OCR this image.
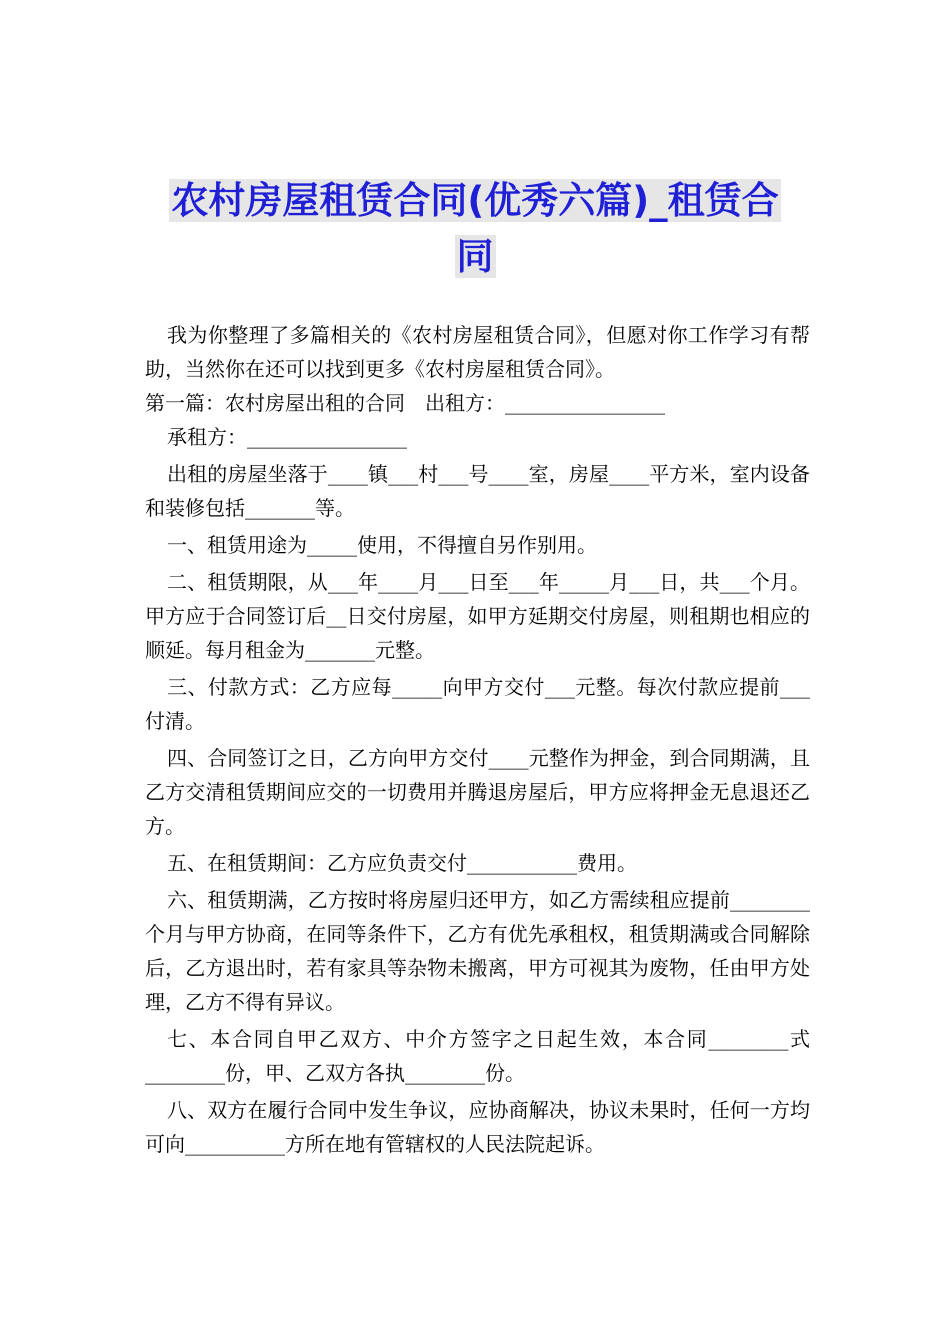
农村房屋租赁合同(优秀六篇)_租赁合
同

我为你整理了多篇相关的《农村房屋租赁合同》，但愿对你工作学习有帮助，当然你在还可以找到更多《农村房屋租赁合同》。

第一篇：农村房屋出租的合同　出租方：________________

承租方：________________

出租的房屋坐落于____镇___村___号____室，房屋____平方米，室内设备和装修包括_______等。

一、租赁用途为_____使用，不得擅自另作别用。

二、租赁期限，从___年____月___日至___年_____月___日，共___个月。甲方应于合同签订后__日交付房屋，如甲方延期交付房屋，则租期也相应的顺延。每月租金为_______元整。

三、付款方式：乙方应每_____向甲方交付___元整。每次付款应提前___付清。

四、合同签订之日，乙方向甲方交付____元整作为押金，到合同期满，且乙方交清租赁期间应交的一切费用并腾退房屋后，甲方应将押金无息退还乙方。

五、在租赁期间：乙方应负责交付___________费用。

六、租赁期满，乙方按时将房屋归还甲方，如乙方需续租应提前________个月与甲方协商，在同等条件下，乙方有优先承租权，租赁期满或合同解除后，乙方退出时，若有家具等杂物未搬离，甲方可视其为废物，任由甲方处理，乙方不得有异议。

七、本合同自甲乙双方、中介方签字之日起生效，本合同________式________份，甲、乙双方各执________份。

八、双方在履行合同中发生争议，应协商解决，协议未果时，任何一方均可向__________方所在地有管辖权的人民法院起诉。
